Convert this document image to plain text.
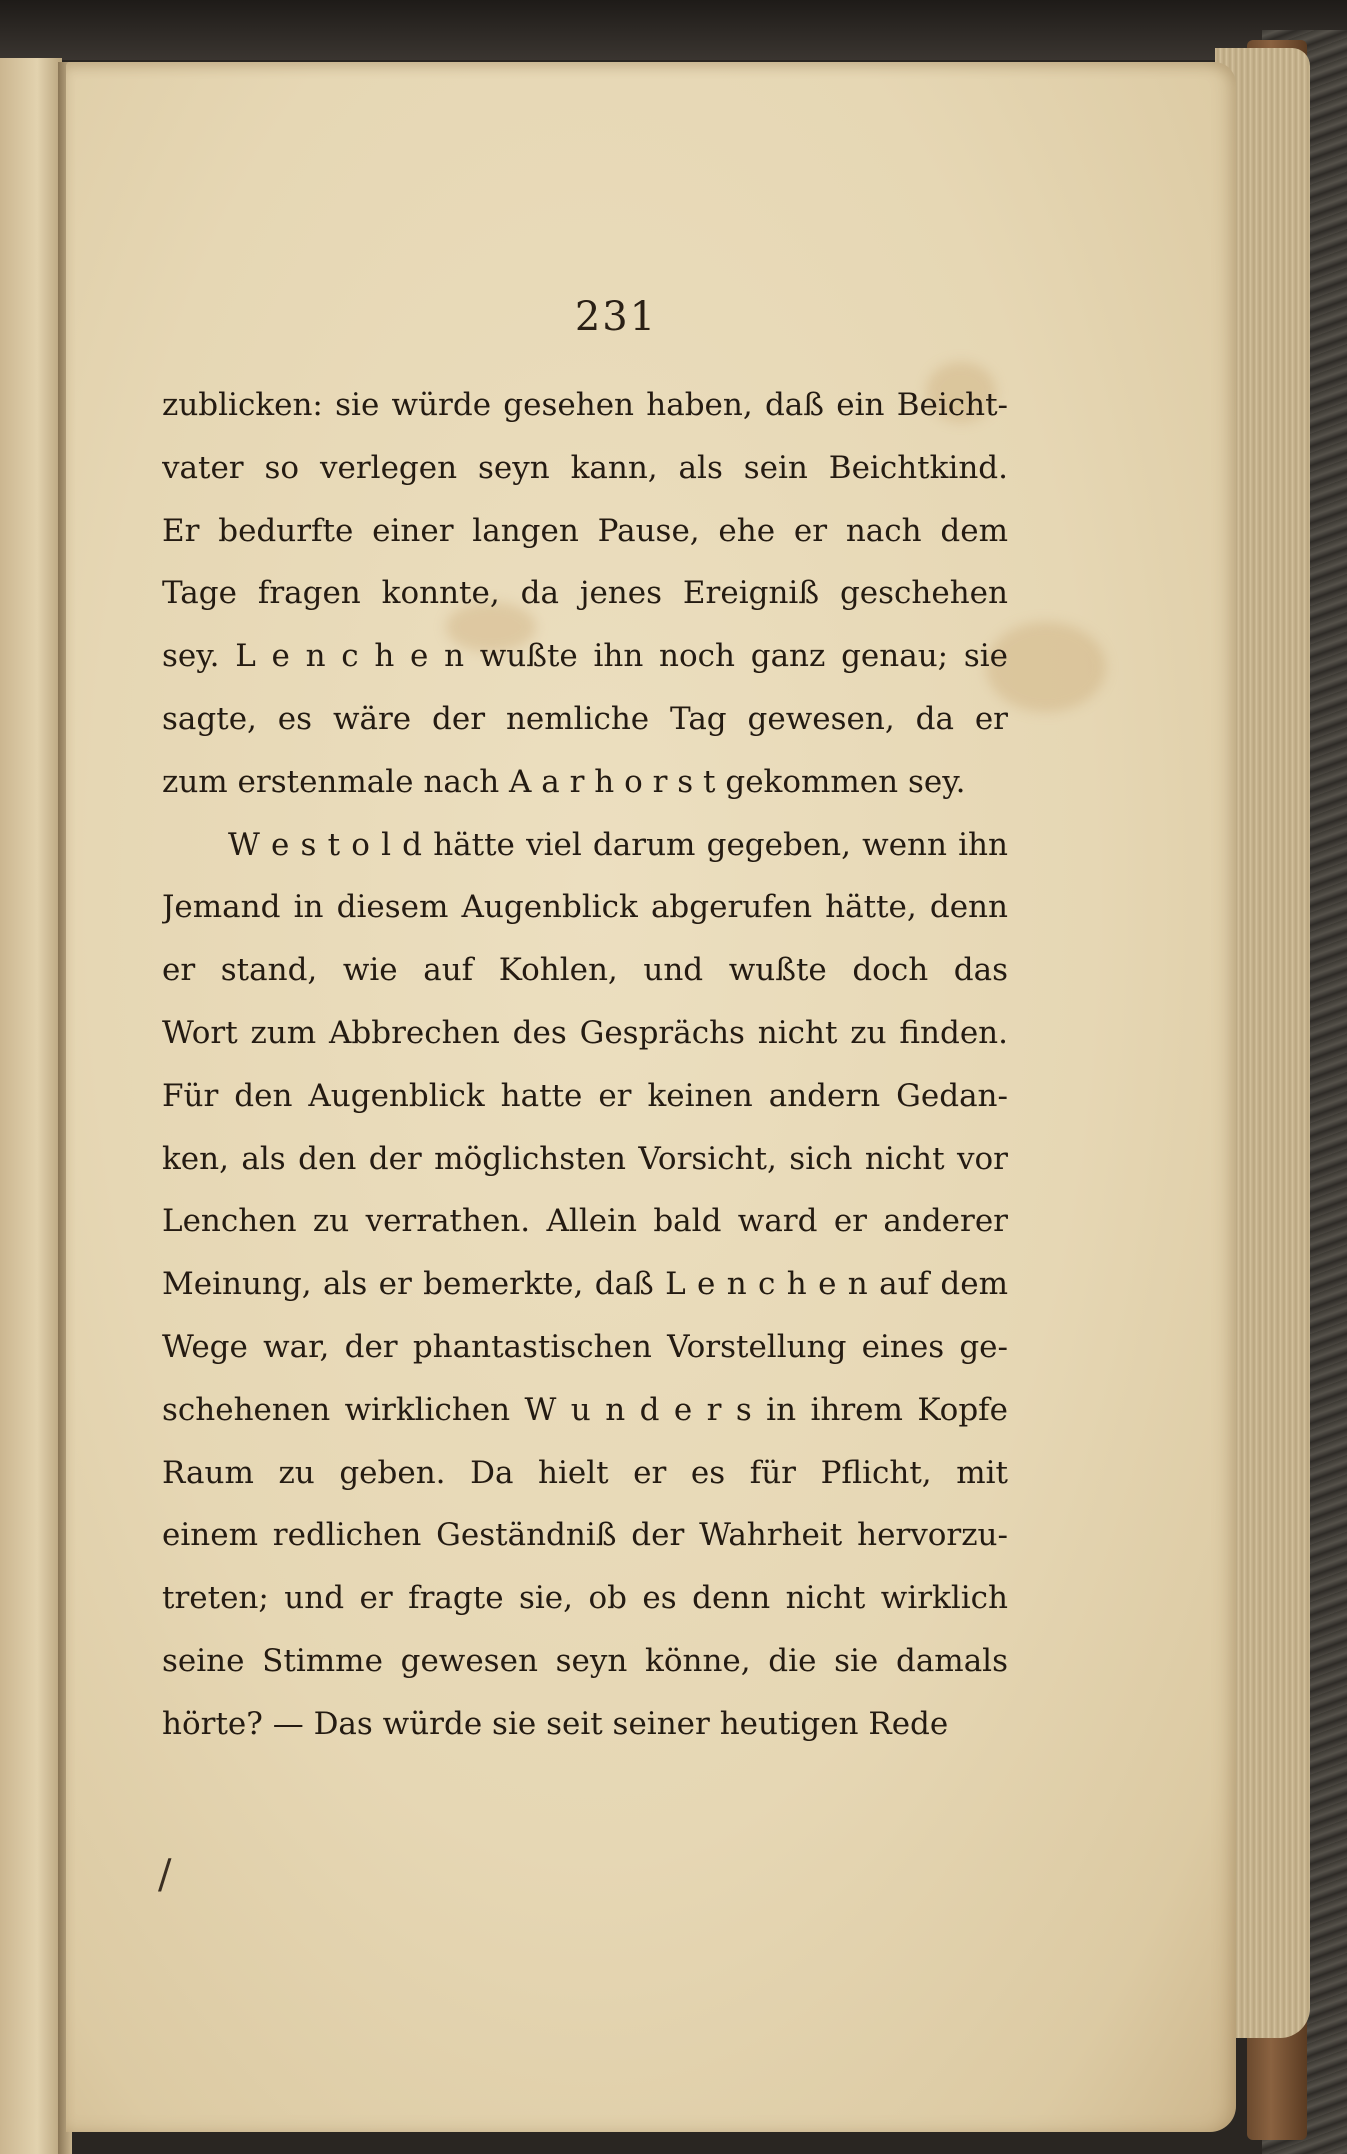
231
zublicken: sie würde gesehen haben, daß ein Beicht-
vater so verlegen seyn kann, als sein Beichtkind.
Er bedurfte einer langen Pause, ehe er nach dem
Tage fragen konnte, da jenes Ereigniß geschehen
sey. L e n c h e n wußte ihn noch ganz genau; sie
sagte, es wäre der nemliche Tag gewesen, da er
zum erstenmale nach A a r h o r s t gekommen sey.
W e s t o l d hätte viel darum gegeben, wenn ihn
Jemand in diesem Augenblick abgerufen hätte, denn
er stand, wie auf Kohlen, und wußte doch das
Wort zum Abbrechen des Gesprächs nicht zu finden.
Für den Augenblick hatte er keinen andern Gedan-
ken, als den der möglichsten Vorsicht, sich nicht vor
Lenchen zu verrathen. Allein bald ward er anderer
Meinung, als er bemerkte, daß L e n c h e n auf dem
Wege war, der phantastischen Vorstellung eines ge-
schehenen wirklichen W u n d e r s in ihrem Kopfe
Raum zu geben. Da hielt er es für Pflicht, mit
einem redlichen Geständniß der Wahrheit hervorzu-
treten; und er fragte sie, ob es denn nicht wirklich
seine Stimme gewesen seyn könne, die sie damals
hörte? — Das würde sie seit seiner heutigen Rede
/
